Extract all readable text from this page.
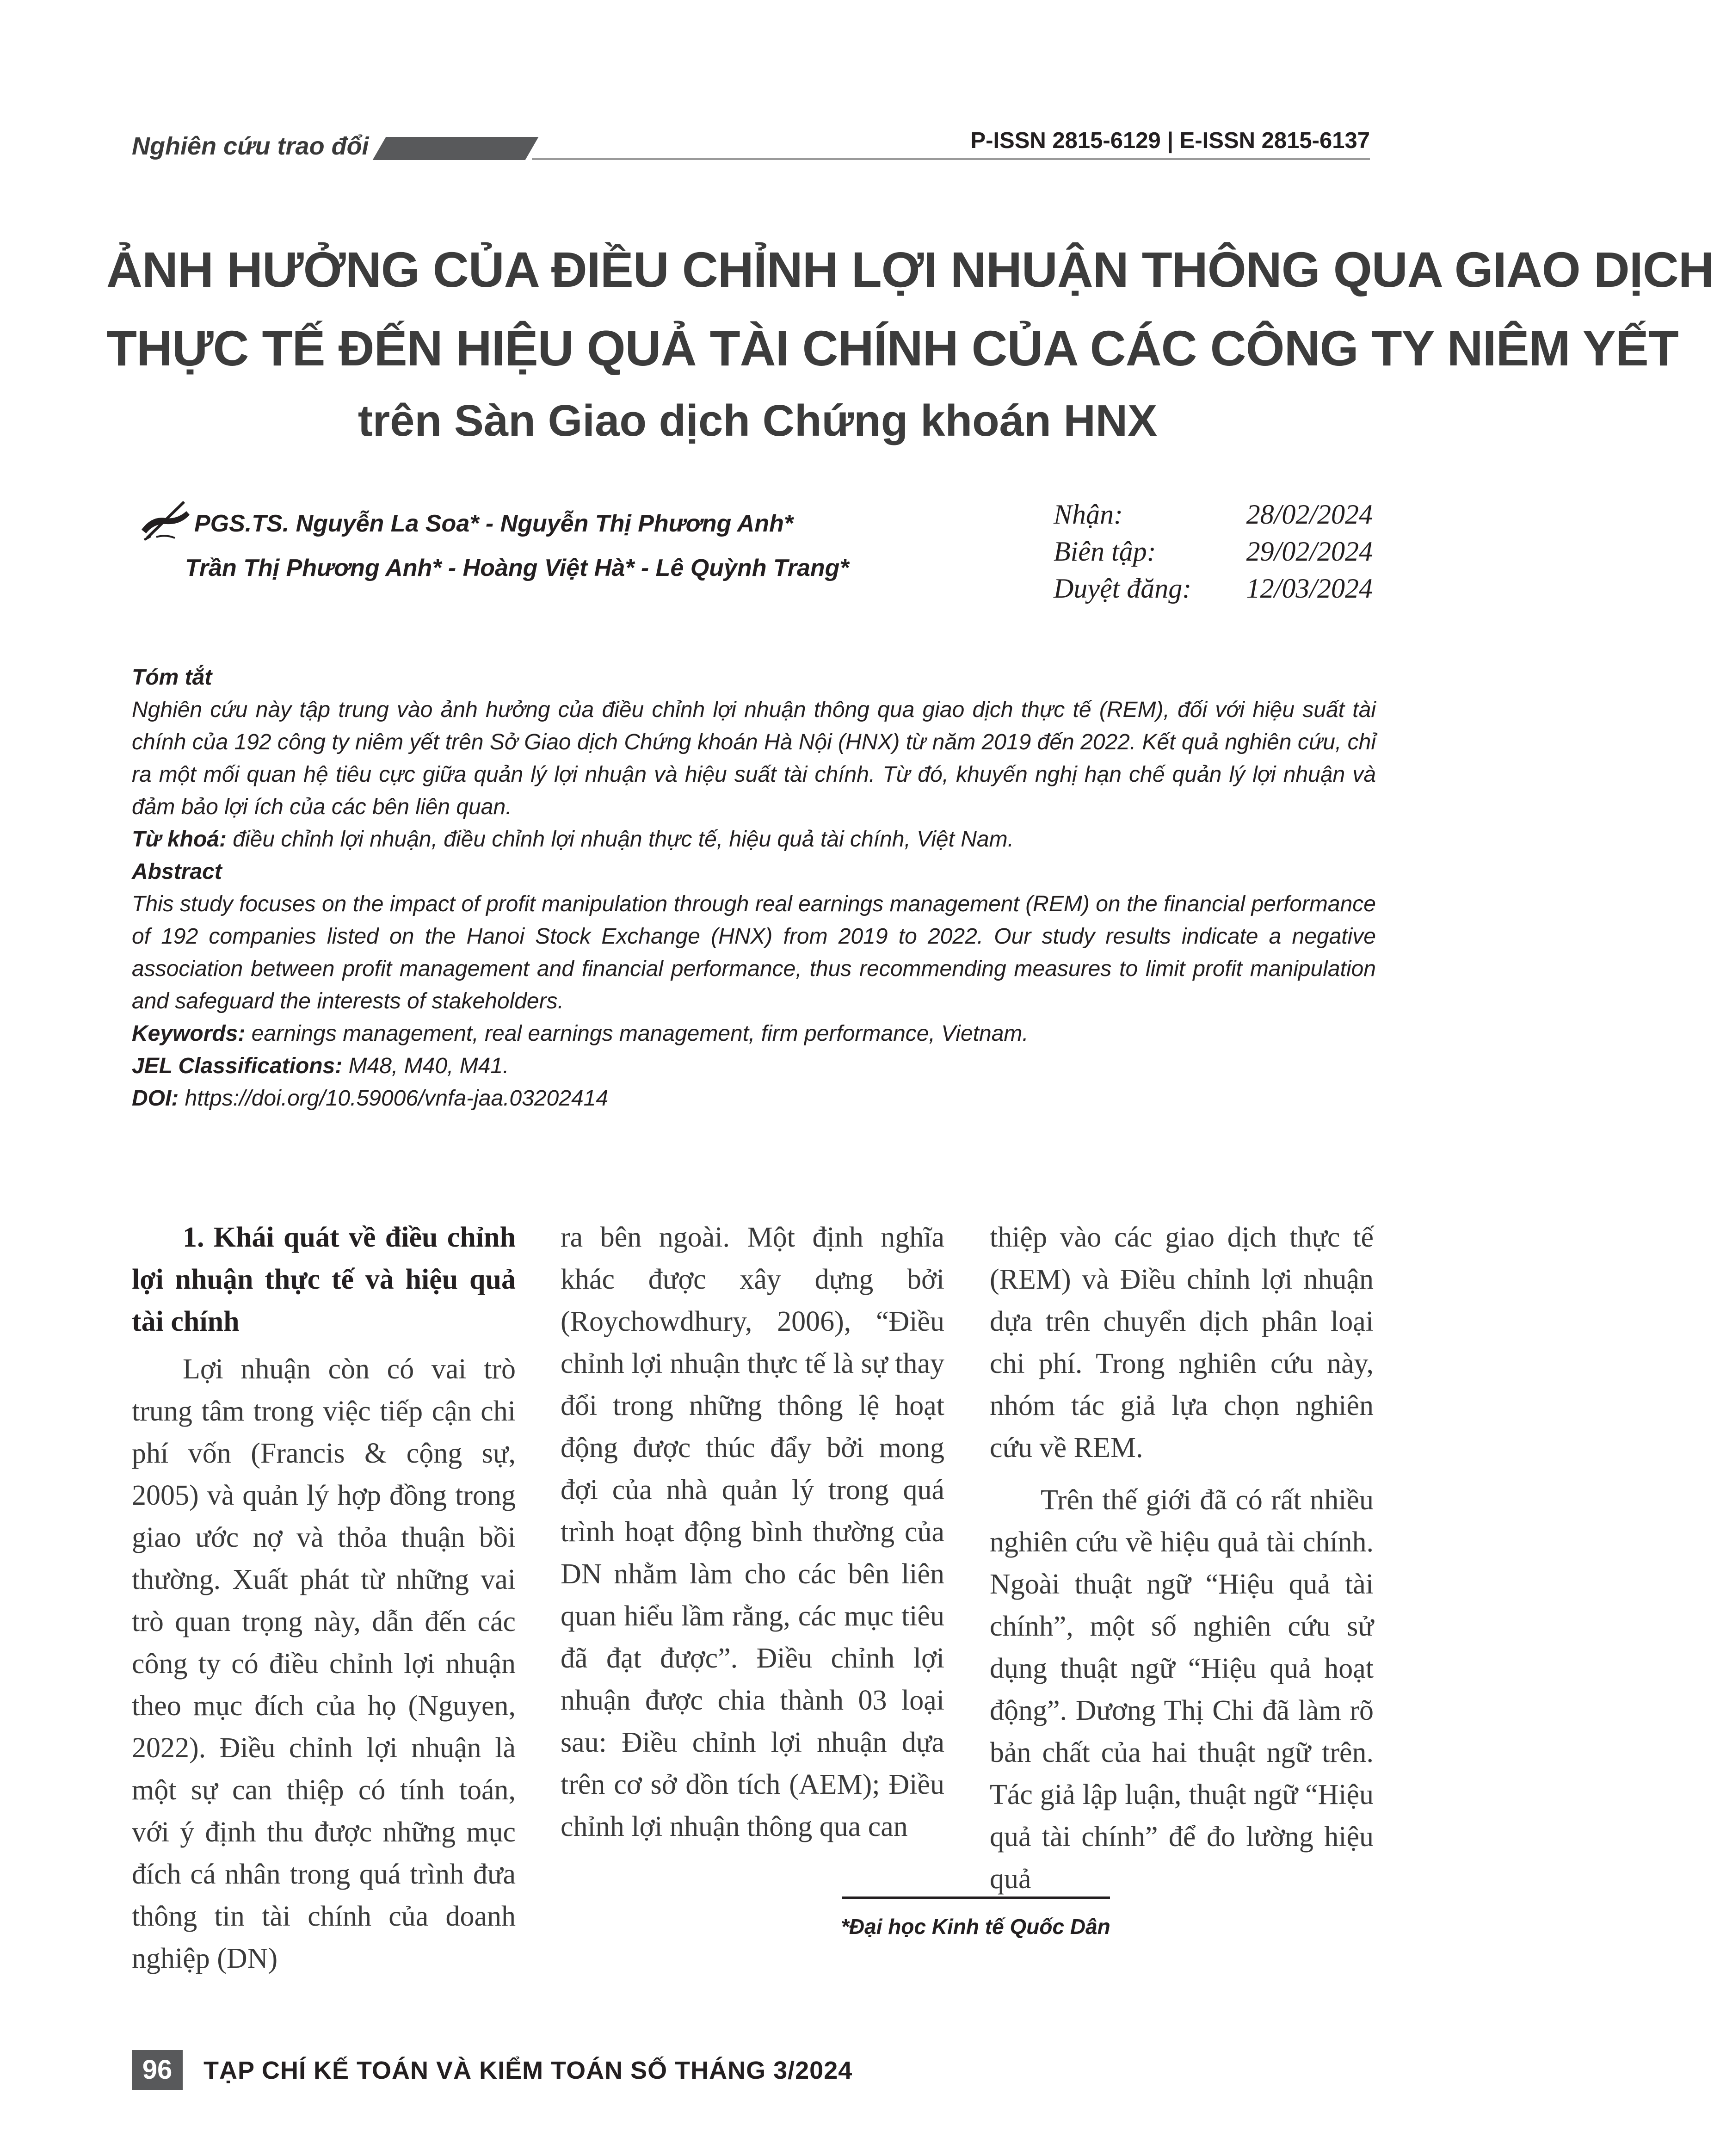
Nghiên cứu trao đổi	P-ISSN 2815-6129 | E-ISSN 2815-6137
ẢNH HƯỞNG CỦA ĐIỀU CHỈNH LỢI NHUẬN THÔNG QUA GIAO DỊCH
THỰC TẾ ĐẾN HIỆU QUẢ TÀI CHÍNH CỦA CÁC CÔNG TY NIÊM YẾT
trên Sàn Giao dịch Chứng khoán HNX
PGS.TS. Nguyễn La Soa* - Nguyễn Thị Phương Anh*
Trần Thị Phương Anh* - Hoàng Việt Hà* - Lê Quỳnh Trang*
Nhận:	28/02/2024
Biên tập:	29/02/2024
Duyệt đăng: 12/03/2024

Tóm tắt

Nghiên cứu này tập trung vào ảnh hưởng của điều chỉnh lợi nhuận thông qua giao dịch thực tế (REM), đối với hiệu suất tài chính của 192 công ty niêm yết trên Sở Giao dịch Chứng khoán Hà Nội (HNX) từ năm 2019 đến 2022. Kết quả nghiên cứu, chỉ ra một mối quan hệ tiêu cực giữa quản lý lợi nhuận và hiệu suất tài chính. Từ đó, khuyến nghị hạn chế quản lý lợi nhuận và đảm bảo lợi ích của các bên liên quan.

Từ khoá: điều chỉnh lợi nhuận, điều chỉnh lợi nhuận thực tế, hiệu quả tài chính, Việt Nam.

Abstract

This study focuses on the impact of profit manipulation through real earnings management (REM) on the financial performance of 192 companies listed on the Hanoi Stock Exchange (HNX) from 2019 to 2022. Our study results indicate a negative association between profit management and financial performance, thus recommending measures to limit profit manipulation and safeguard the interests of stakeholders.

Keywords: earnings management, real earnings management, firm performance, Vietnam.

JEL Classifications: M48, M40, M41.

DOI: https://doi.org/10.59006/vnfa-jaa.03202414

1. Khái quát về điều chỉnh lợi nhuận thực tế và hiệu quả tài chính

Lợi nhuận còn có vai trò trung tâm trong việc tiếp cận chi phí vốn (Francis & cộng sự, 2005) và quản lý hợp đồng trong giao ước nợ và thỏa thuận bồi thường. Xuất phát từ những vai trò quan trọng này, dẫn đến các công ty có điều chỉnh lợi nhuận theo mục đích của họ (Nguyen, 2022). Điều chỉnh lợi nhuận là một sự can thiệp có tính toán, với ý định thu được những mục đích cá nhân trong quá trình đưa thông tin tài chính của doanh nghiệp (DN)

ra bên ngoài. Một định nghĩa khác được xây dựng bởi (Roychowdhury, 2006), “Điều chỉnh lợi nhuận thực tế là sự thay đổi trong những thông lệ hoạt động được thúc đẩy bởi mong đợi của nhà quản lý trong quá trình hoạt động bình thường của DN nhằm làm cho các bên liên quan hiểu lầm rằng, các mục tiêu đã đạt được”. Điều chỉnh lợi nhuận được chia thành 03 loại sau: Điều chỉnh lợi nhuận dựa trên cơ sở dồn tích (AEM); Điều chỉnh lợi nhuận thông qua can

thiệp vào các giao dịch thực tế (REM) và Điều chỉnh lợi nhuận dựa trên chuyển dịch phân loại chi phí. Trong nghiên cứu này, nhóm tác giả lựa chọn nghiên cứu về REM.

Trên thế giới đã có rất nhiều nghiên cứu về hiệu quả tài chính. Ngoài thuật ngữ “Hiệu quả tài chính”, một số nghiên cứu sử dụng thuật ngữ “Hiệu quả hoạt động”. Dương Thị Chi đã làm rõ bản chất của hai thuật ngữ trên. Tác giả lập luận, thuật ngữ “Hiệu quả tài chính” để đo lường hiệu quả

*Đại học Kinh tế Quốc Dân
96	TẠP CHÍ KẾ TOÁN VÀ KIỂM TOÁN SỐ THÁNG 3/2024
